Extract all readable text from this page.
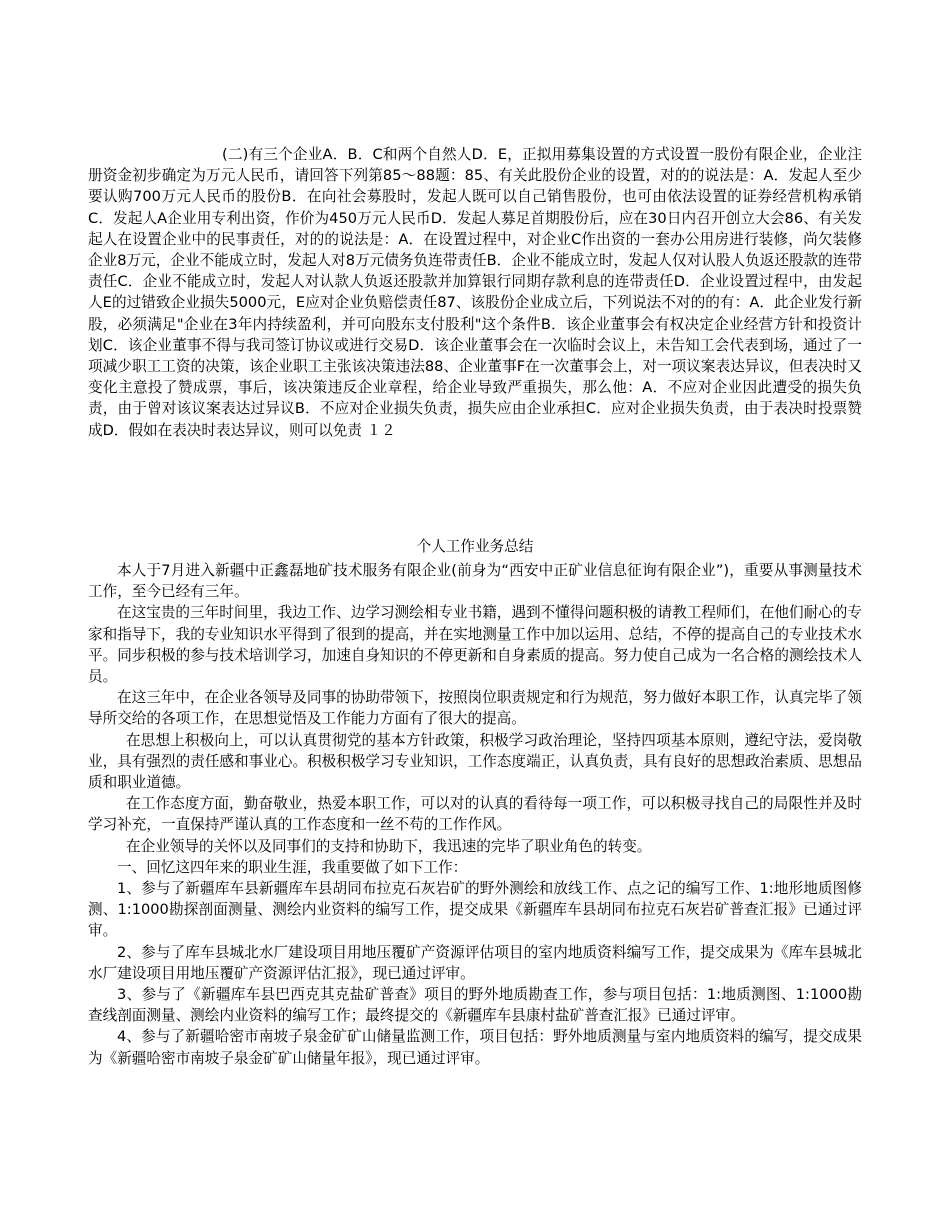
(二)有三个企业A．B．C和两个自然人D．E，正拟用募集设置的方式设置一股份有限企业，企业注册资金初步确定为万元人民币，请回答下列第85～88题：85、有关此股份企业的设置，对的的说法是：A．发起人至少要认购700万元人民币的股份B．在向社会募股时，发起人既可以自己销售股份，也可由依法设置的证券经营机构承销C．发起人A企业用专利出资，作价为450万元人民币D．发起人募足首期股份后，应在30日内召开创立大会86、有关发起人在设置企业中的民事责任，对的的说法是：A．在设置过程中，对企业C作出资的一套办公用房进行装修，尚欠装修企业8万元，企业不能成立时，发起人对8万元债务负连带责任B．企业不能成立时，发起人仅对认股人负返还股款的连带责任C．企业不能成立时，发起人对认款人负返还股款并加算银行同期存款利息的连带责任D．企业设置过程中，由发起人E的过错致企业损失5000元，E应对企业负赔偿责任87、该股份企业成立后，下列说法不对的的有：A．此企业发行新股，必须满足"企业在3年内持续盈利，并可向股东支付股利"这个条件B．该企业董事会有权决定企业经营方针和投资计划C．该企业董事不得与我司签订协议或进行交易D．该企业董事会在一次临时会议上，未告知工会代表到场，通过了一项减少职工工资的决策，该企业职工主张该决策违法88、企业董事F在一次董事会上，对一项议案表达异议，但表决时又变化主意投了赞成票，事后，该决策违反企业章程，给企业导致严重损失，那么他：A．不应对企业因此遭受的损失负责，由于曾对该议案表达过异议B．不应对企业损失负责，损失应由企业承担C．应对企业损失负责，由于表决时投票赞成D．假如在表决时表达异议，则可以免责 １２

个人工作业务总结

本人于7月进入新疆中正鑫磊地矿技术服务有限企业(前身为“西安中正矿业信息征询有限企业”)，重要从事测量技术工作，至今已经有三年。

在这宝贵的三年时间里，我边工作、边学习测绘相专业书籍，遇到不懂得问题积极的请教工程师们，在他们耐心的专家和指导下，我的专业知识水平得到了很到的提高，并在实地测量工作中加以运用、总结，不停的提高自己的专业技术水平。同步积极的参与技术培训学习，加速自身知识的不停更新和自身素质的提高。努力使自己成为一名合格的测绘技术人员。

在这三年中，在企业各领导及同事的协助带领下，按照岗位职责规定和行为规范，努力做好本职工作，认真完毕了领导所交给的各项工作，在思想觉悟及工作能力方面有了很大的提高。

在思想上积极向上，可以认真贯彻党的基本方针政策，积极学习政治理论，坚持四项基本原则，遵纪守法，爱岗敬业，具有强烈的责任感和事业心。积极积极学习专业知识，工作态度端正，认真负责，具有良好的思想政治素质、思想品质和职业道德。

在工作态度方面，勤奋敬业，热爱本职工作，可以对的认真的看待每一项工作，可以积极寻找自己的局限性并及时学习补充，一直保持严谨认真的工作态度和一丝不苟的工作作风。

在企业领导的关怀以及同事们的支持和协助下，我迅速的完毕了职业角色的转变。

一、回忆这四年来的职业生涯，我重要做了如下工作：

1、参与了新疆库车县新疆库车县胡同布拉克石灰岩矿的野外测绘和放线工作、点之记的编写工作、1:地形地质图修测、1:1000勘探剖面测量、测绘内业资料的编写工作，提交成果《新疆库车县胡同布拉克石灰岩矿普查汇报》已通过评审。

2、参与了库车县城北水厂建设项目用地压覆矿产资源评估项目的室内地质资料编写工作，提交成果为《库车县城北水厂建设项目用地压覆矿产资源评估汇报》，现已通过评审。

3、参与了《新疆库车县巴西克其克盐矿普查》项目的野外地质勘查工作，参与项目包括：1:地质测图、1:1000勘查线剖面测量、测绘内业资料的编写工作；最终提交的《新疆库车县康村盐矿普查汇报》已通过评审。

4、参与了新疆哈密市南坡子泉金矿矿山储量监测工作，项目包括：野外地质测量与室内地质资料的编写，提交成果为《新疆哈密市南坡子泉金矿矿山储量年报》，现已通过评审。
